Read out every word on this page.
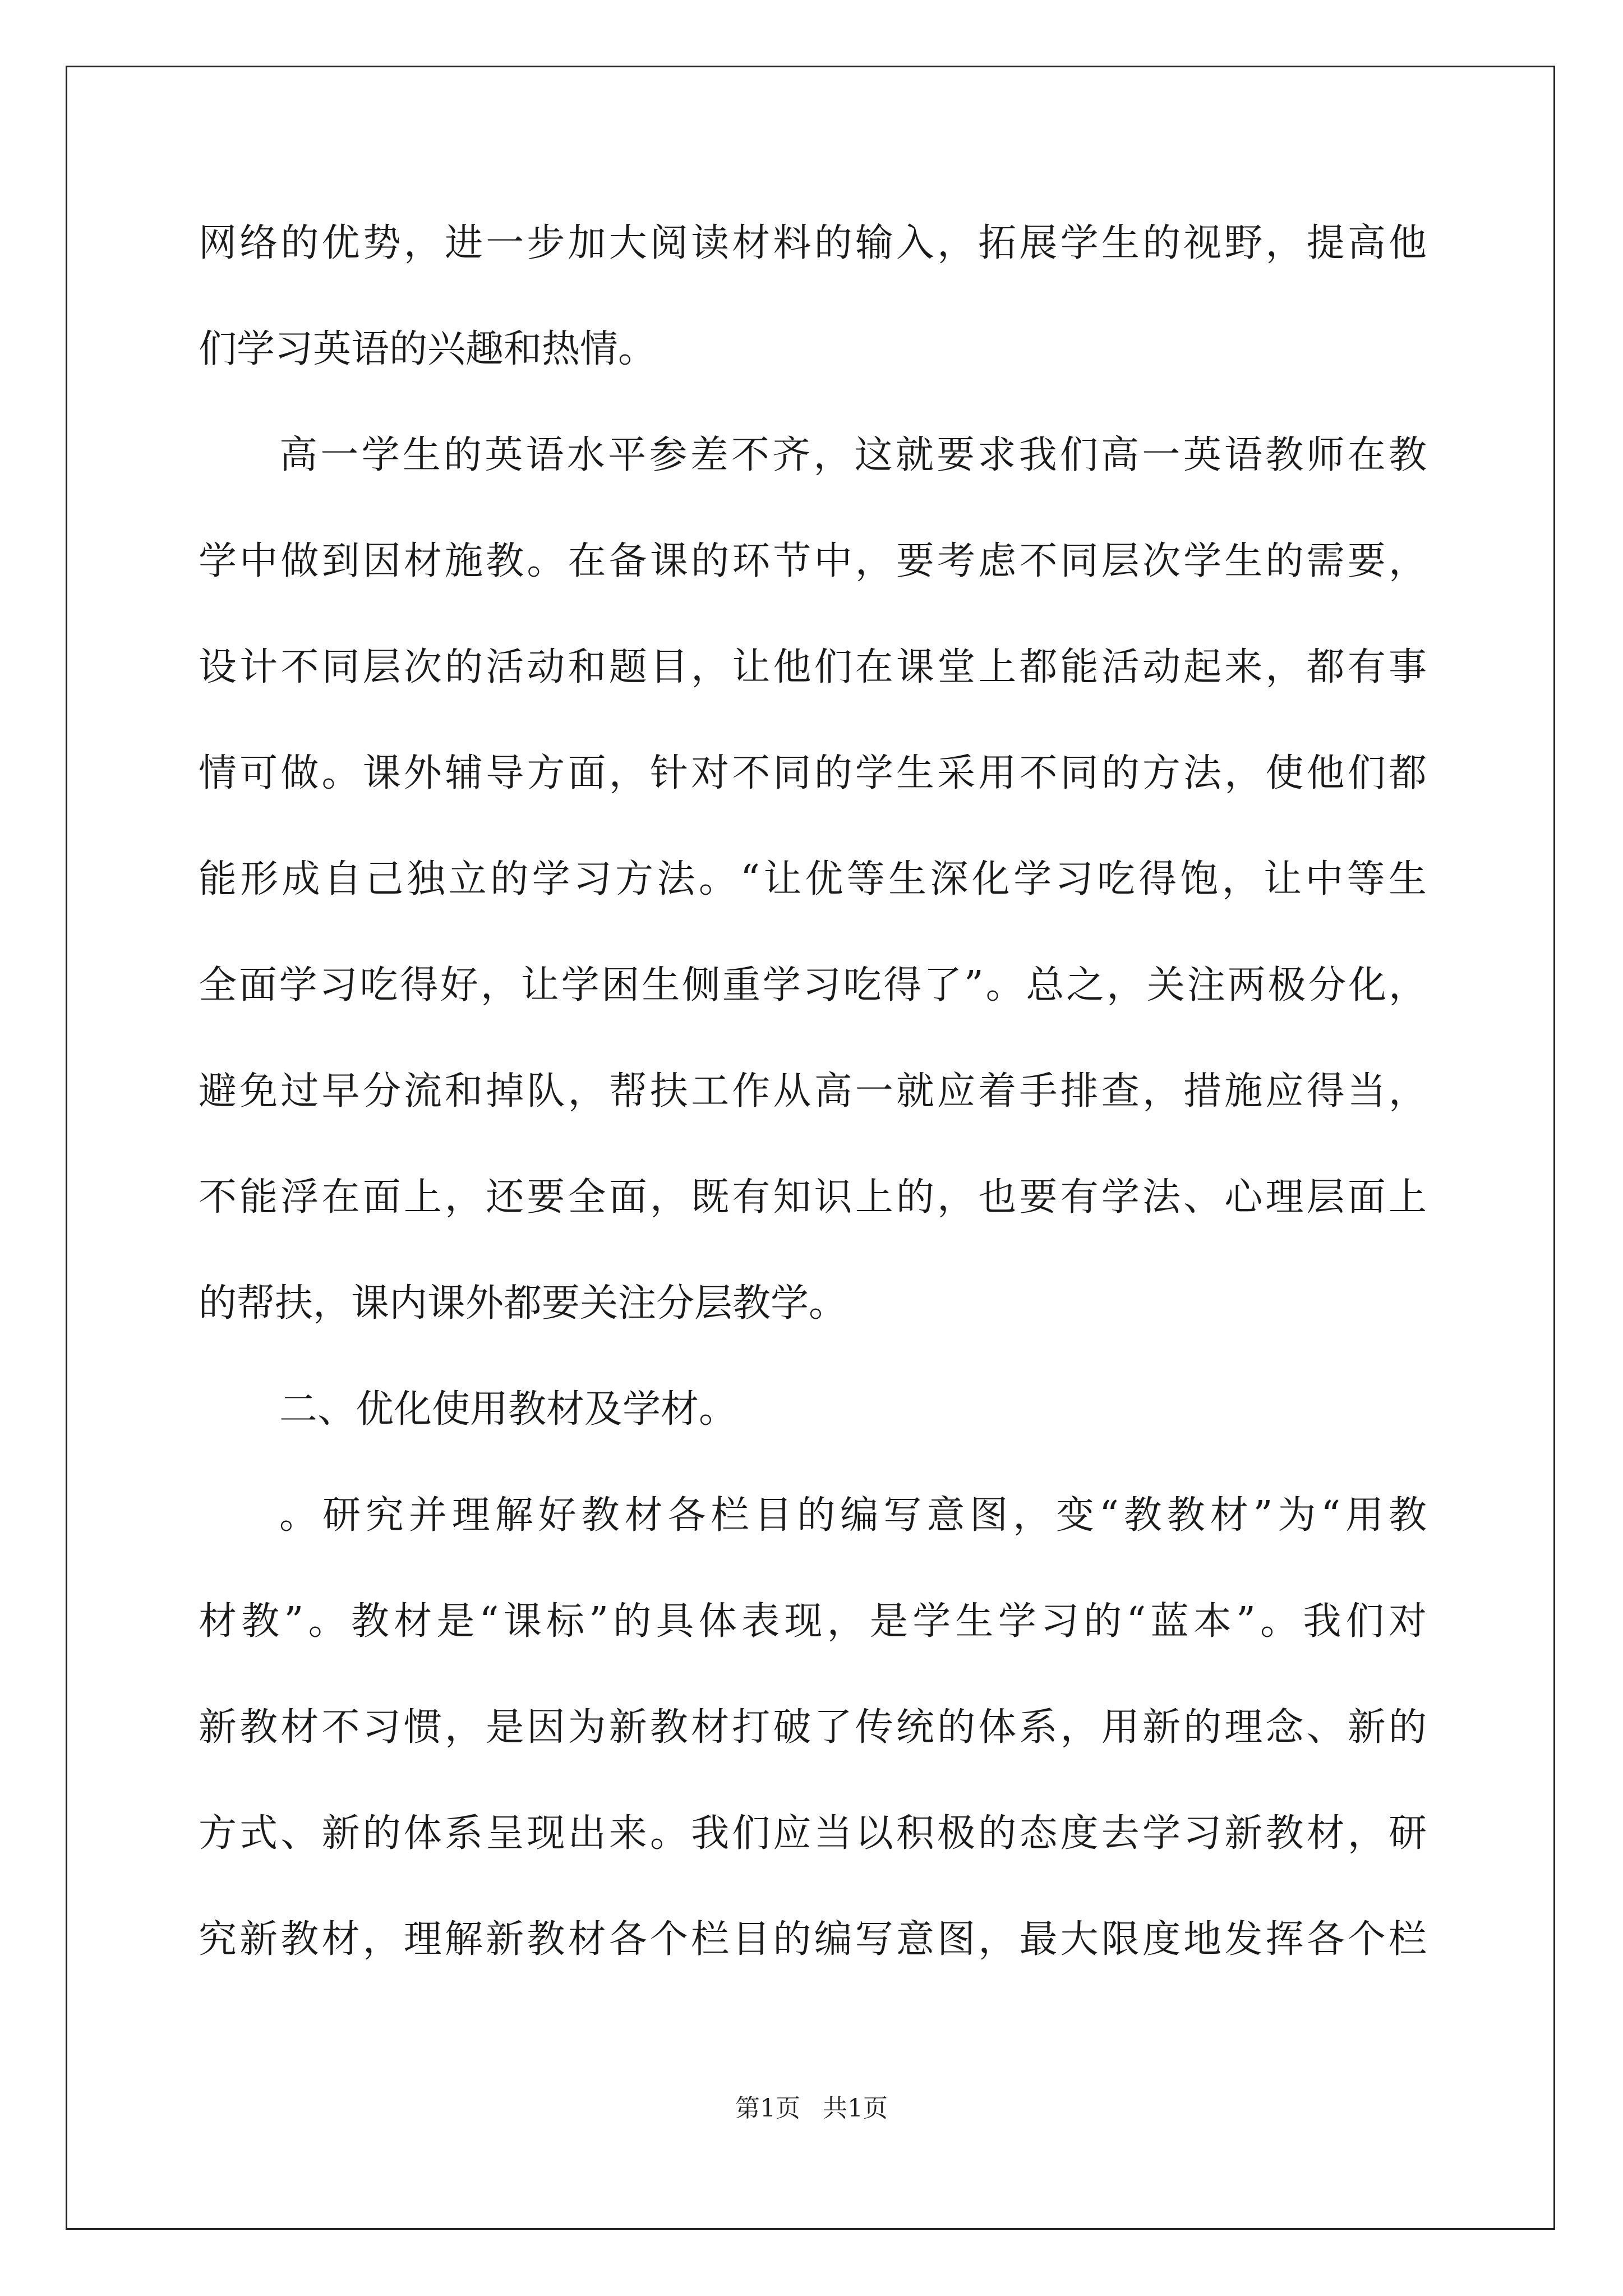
网络的优势，进一步加大阅读材料的输入，拓展学生的视野，提高他
们学习英语的兴趣和热情。
高一学生的英语水平参差不齐，这就要求我们高一英语教师在教
学中做到因材施教。在备课的环节中，要考虑不同层次学生的需要，
设计不同层次的活动和题目，让他们在课堂上都能活动起来，都有事
情可做。课外辅导方面，针对不同的学生采用不同的方法，使他们都
能形成自己独立的学习方法。“让优等生深化学习吃得饱，让中等生
全面学习吃得好，让学困生侧重学习吃得了”。总之，关注两极分化，
避免过早分流和掉队，帮扶工作从高一就应着手排查，措施应得当，
不能浮在面上，还要全面，既有知识上的，也要有学法、心理层面上
的帮扶，课内课外都要关注分层教学。
二、优化使用教材及学材。
。研究并理解好教材各栏目的编写意图，变“教教材”为“用教
材教”。教材是“课标”的具体表现，是学生学习的“蓝本”。我们对
新教材不习惯，是因为新教材打破了传统的体系，用新的理念、新的
方式、新的体系呈现出来。我们应当以积极的态度去学习新教材，研
究新教材，理解新教材各个栏目的编写意图，最大限度地发挥各个栏
第1页 共1页
